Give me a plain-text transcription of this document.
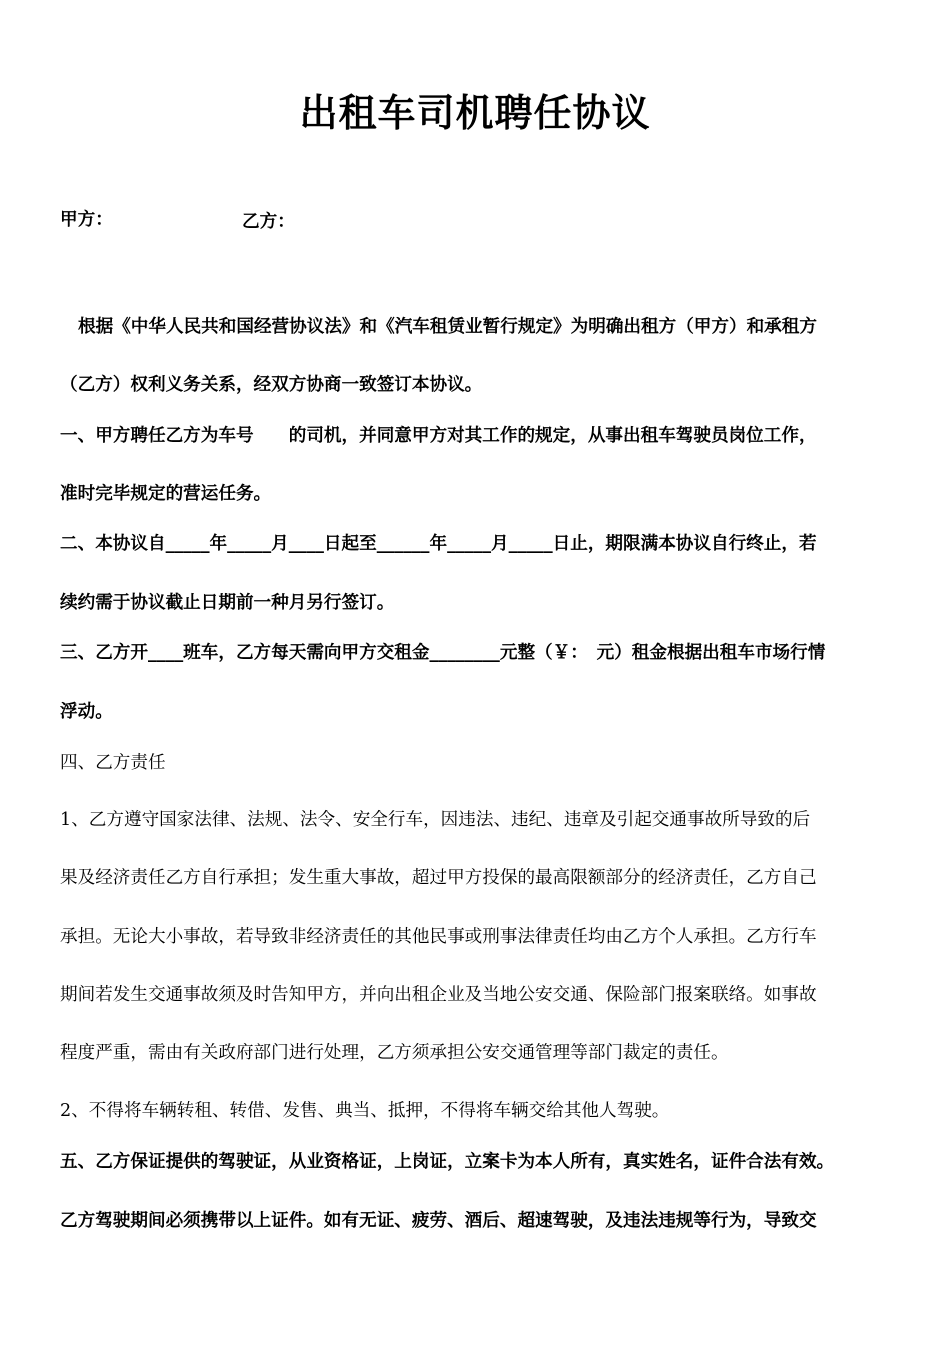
出租车司机聘任协议
甲方：	乙方：
根据《中华人民共和国经营协议法》和《汽车租赁业暂行规定》为明确出租方（甲方）和承租方
（乙方）权利义务关系，经双方协商一致签订本协议。
一、甲方聘任乙方为车号　　的司机，并同意甲方对其工作的规定，从事出租车驾驶员岗位工作，
准时完毕规定的营运任务。
二、本协议自_____年_____月____日起至______年_____月_____日止，期限满本协议自行终止，若
续约需于协议截止日期前一种月另行签订。
三、乙方开____班车，乙方每天需向甲方交租金________元整（￥：　元）租金根据出租车市场行情
浮动。
四、乙方责任
1、乙方遵守国家法律、法规、法令、安全行车，因违法、违纪、违章及引起交通事故所导致的后
果及经济责任乙方自行承担；发生重大事故，超过甲方投保的最高限额部分的经济责任，乙方自己
承担。无论大小事故，若导致非经济责任的其他民事或刑事法律责任均由乙方个人承担。乙方行车
期间若发生交通事故须及时告知甲方，并向出租企业及当地公安交通、保险部门报案联络。如事故
程度严重，需由有关政府部门进行处理，乙方须承担公安交通管理等部门裁定的责任。
2、不得将车辆转租、转借、发售、典当、抵押，不得将车辆交给其他人驾驶。
五、乙方保证提供的驾驶证，从业资格证，上岗证，立案卡为本人所有，真实姓名，证件合法有效。
乙方驾驶期间必须携带以上证件。如有无证、疲劳、酒后、超速驾驶，及违法违规等行为，导致交
